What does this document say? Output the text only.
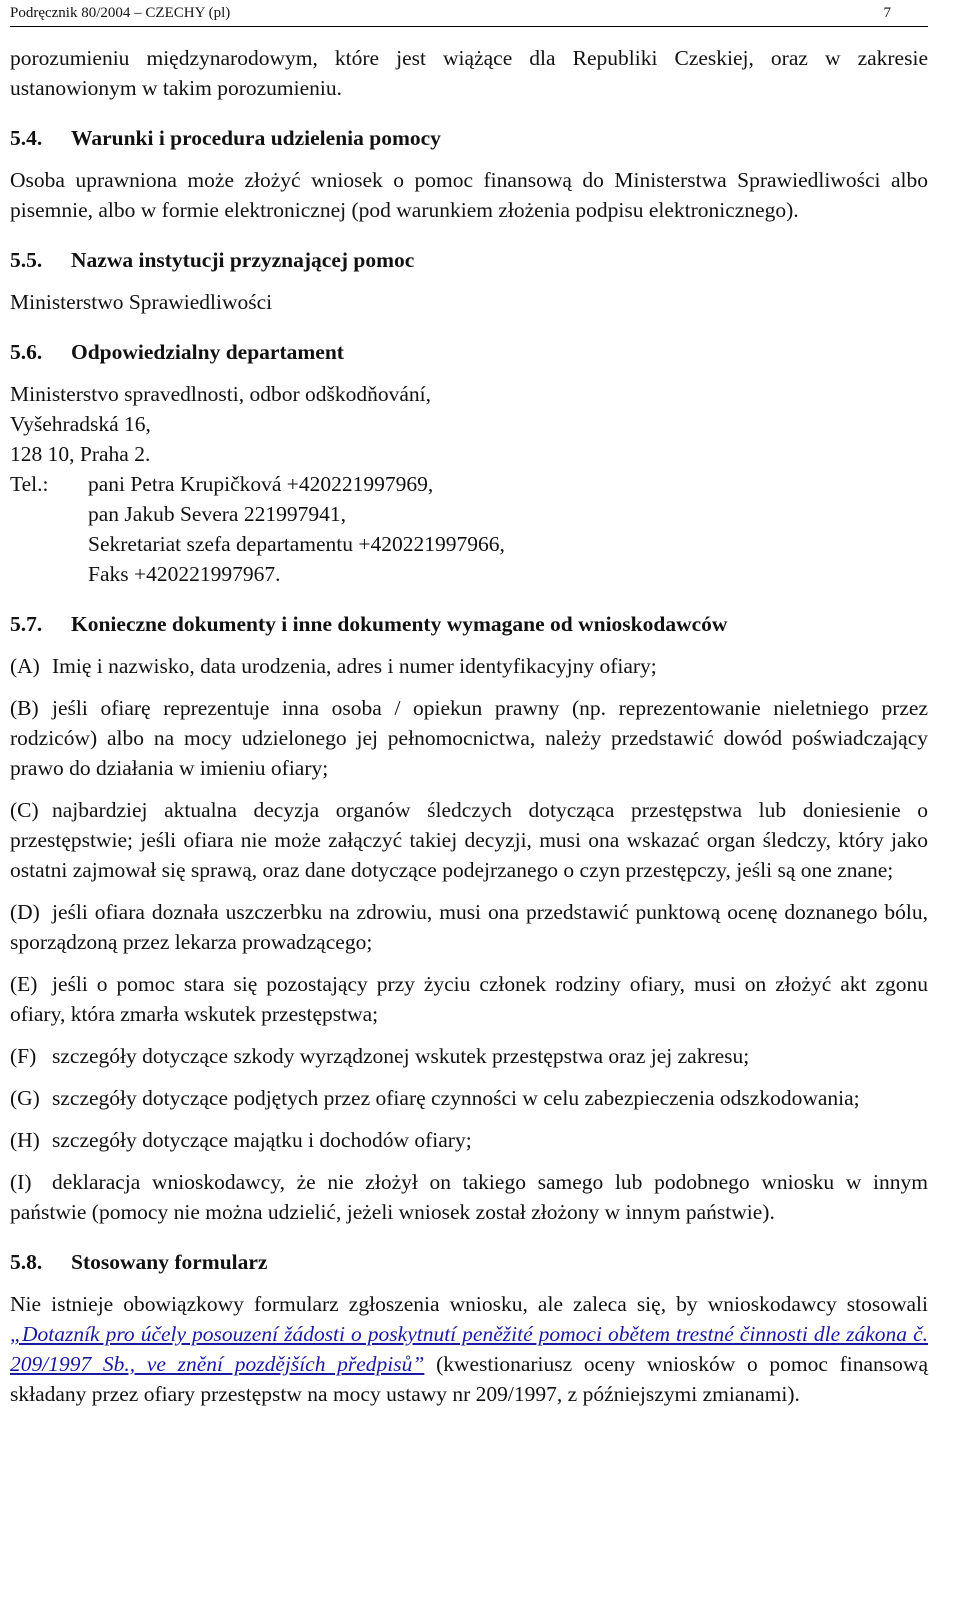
Podręcznik 80/2004 – CZECHY (pl)	7

porozumieniu międzynarodowym, które jest wiążące dla Republiki Czeskiej, oraz w zakresie ustanowionym w takim porozumieniu.

5.4.	Warunki i procedura udzielenia pomocy

Osoba uprawniona może złożyć wniosek o pomoc finansową do Ministerstwa Sprawiedliwości albo pisemnie, albo w formie elektronicznej (pod warunkiem złożenia podpisu elektronicznego).

5.5.	Nazwa instytucji przyznającej pomoc

Ministerstwo Sprawiedliwości

5.6.	Odpowiedzialny departament

Ministerstvo spravedlnosti, odbor odškodňování,

Vyšehradská 16,

128 10, Praha 2.

Tel.:	pani Petra Krupičková +420221997969,

pan Jakub Severa 221997941,

Sekretariat szefa departamentu +420221997966,

Faks +420221997967.

5.7.	Konieczne dokumenty i inne dokumenty wymagane od wnioskodawców

(A) Imię i nazwisko, data urodzenia, adres i numer identyfikacyjny ofiary;

(B) jeśli ofiarę reprezentuje inna osoba / opiekun prawny (np. reprezentowanie nieletniego przez rodziców) albo na mocy udzielonego jej pełnomocnictwa, należy przedstawić dowód poświadczający prawo do działania w imieniu ofiary;

(C) najbardziej aktualna decyzja organów śledczych dotycząca przestępstwa lub doniesienie o przestępstwie; jeśli ofiara nie może załączyć takiej decyzji, musi ona wskazać organ śledczy, który jako ostatni zajmował się sprawą, oraz dane dotyczące podejrzanego o czyn przestępczy, jeśli są one znane;

(D) jeśli ofiara doznała uszczerbku na zdrowiu, musi ona przedstawić punktową ocenę doznanego bólu, sporządzoną przez lekarza prowadzącego;

(E) jeśli o pomoc stara się pozostający przy życiu członek rodziny ofiary, musi on złożyć akt zgonu ofiary, która zmarła wskutek przestępstwa;

(F) szczegóły dotyczące szkody wyrządzonej wskutek przestępstwa oraz jej zakresu;

(G) szczegóły dotyczące podjętych przez ofiarę czynności w celu zabezpieczenia odszkodowania;

(H) szczegóły dotyczące majątku i dochodów ofiary;

(I) deklaracja wnioskodawcy, że nie złożył on takiego samego lub podobnego wniosku w innym państwie (pomocy nie można udzielić, jeżeli wniosek został złożony w innym państwie).

5.8.	Stosowany formularz

Nie istnieje obowiązkowy formularz zgłoszenia wniosku, ale zaleca się, by wnioskodawcy stosowali „Dotazník pro účely posouzení žádosti o poskytnutí peněžité pomoci obětem trestné činnosti dle zákona č. 209/1997 Sb., ve znění pozdějších předpisů” (kwestionariusz oceny wniosków o pomoc finansową składany przez ofiary przestępstw na mocy ustawy nr 209/1997, z późniejszymi zmianami).
